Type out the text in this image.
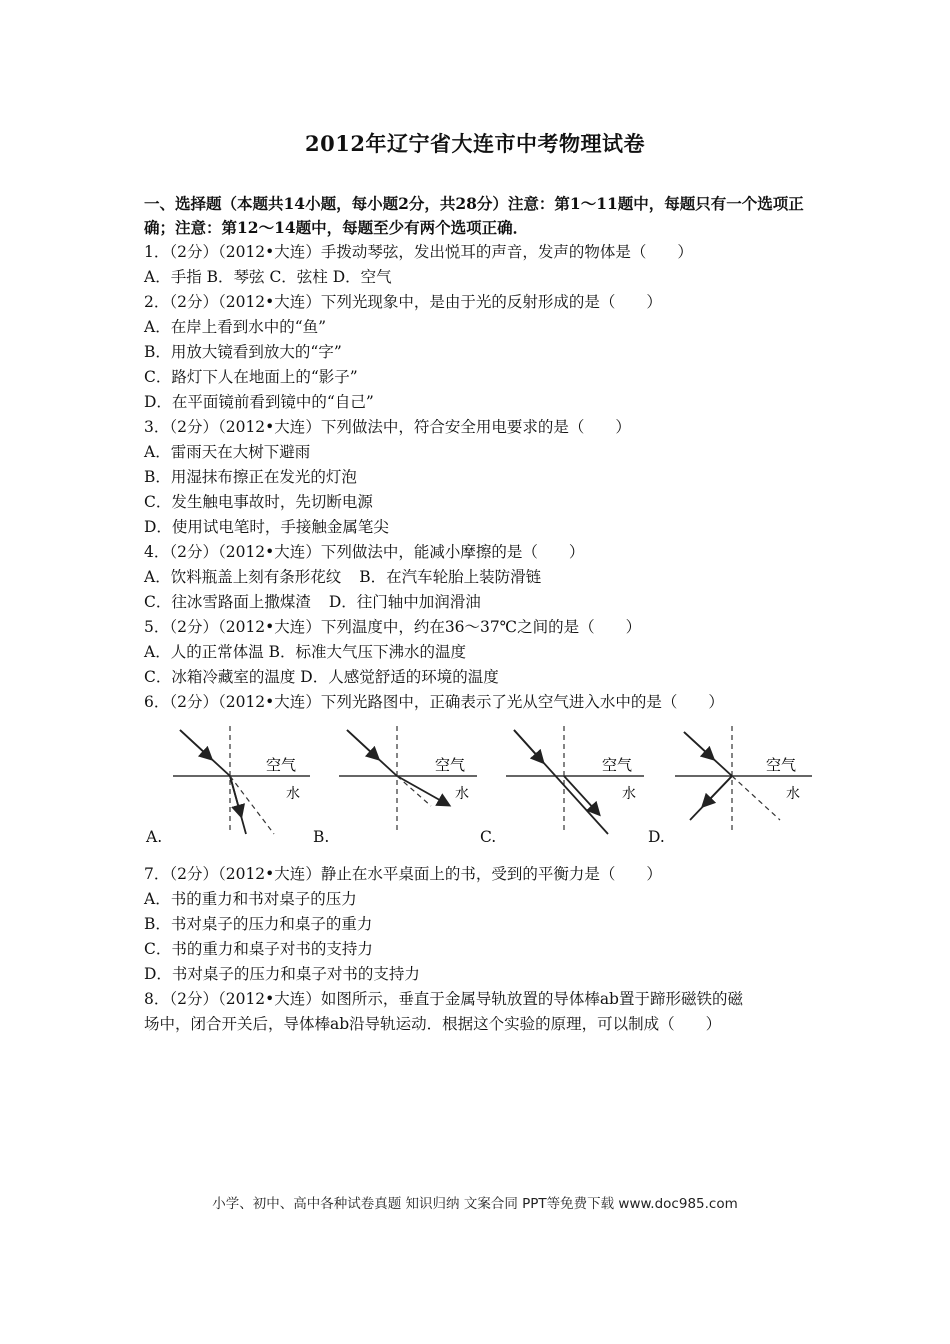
2012年辽宁省大连市中考物理试卷
一、选择题（本题共14小题，每小题2分，共28分）注意：第1～11题中，每题只有一个选项正确；注意：第12～14题中，每题至少有两个选项正确．
1．（2分）（2012•大连）手拨动琴弦，发出悦耳的声音，发声的物体是（　　）
A．手指 B．琴弦 C．弦柱 D．空气
2．（2分）（2012•大连）下列光现象中，是由于光的反射形成的是（　　）
A．在岸上看到水中的“鱼”
B．用放大镜看到放大的“字”
C．路灯下人在地面上的“影子”
D．在平面镜前看到镜中的“自己”
3．（2分）（2012•大连）下列做法中，符合安全用电要求的是（　　）
A．雷雨天在大树下避雨
B．用湿抹布擦正在发光的灯泡
C．发生触电事故时，先切断电源
D．使用试电笔时，手接触金属笔尖
4．（2分）（2012•大连）下列做法中，能减小摩擦的是（　　）
A．饮料瓶盖上刻有条形花纹 B．在汽车轮胎上装防滑链
C．往冰雪路面上撒煤渣 D．往门轴中加润滑油
5．（2分）（2012•大连）下列温度中，约在36～37℃之间的是（　　）
A．人的正常体温 B．标准大气压下沸水的温度
C．冰箱冷藏室的温度 D．人感觉舒适的环境的温度
6．（2分）（2012•大连）下列光路图中，正确表示了光从空气进入水中的是（　　）
空气
水
A.
空气
水
B.
空气
水
C.
空气
水
D.
7．（2分）（2012•大连）静止在水平桌面上的书，受到的平衡力是（　　）
A．书的重力和书对桌子的压力
B．书对桌子的压力和桌子的重力
C．书的重力和桌子对书的支持力
D．书对桌子的压力和桌子对书的支持力
8．（2分）（2012•大连）如图所示，垂直于金属导轨放置的导体棒ab置于蹄形磁铁的磁
场中，闭合开关后，导体棒ab沿导轨运动．根据这个实验的原理，可以制成（　　）
小学、初中、高中各种试卷真题 知识归纳 文案合同 PPT等免费下载 www.doc985.com
